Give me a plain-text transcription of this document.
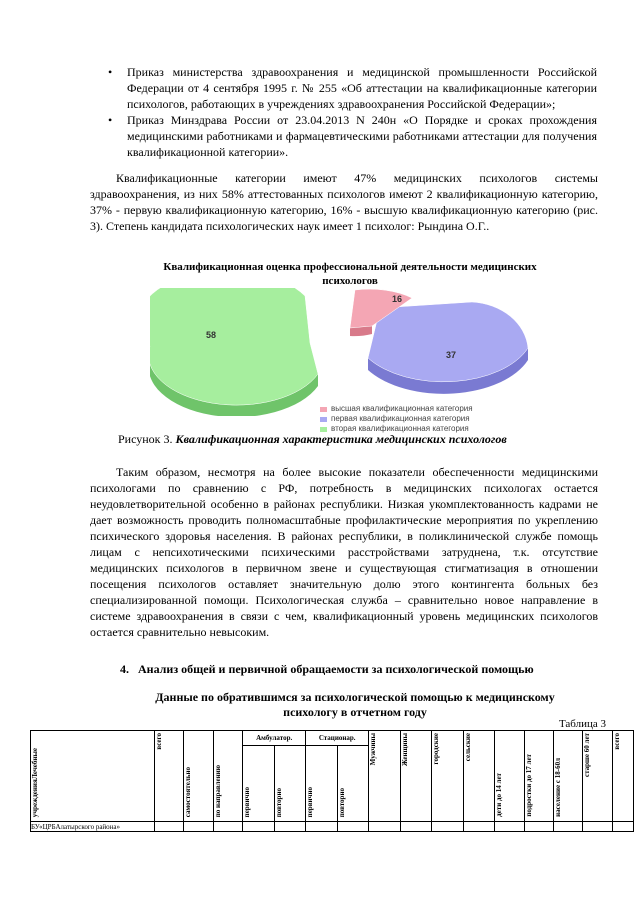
• Приказ министерства здравоохранения и медицинской промышленности Российской Федерации от 4 сентября 1995 г. № 255 «Об аттестации на квалификационные категории психологов, работающих в учреждениях здравоохранения Российской Федерации»;
• Приказ Минздрава России от 23.04.2013 N 240н «О Порядке и сроках прохождения медицинскими работниками и фармацевтическими работниками аттестации для получения квалификационной категории».

Квалификационные категории имеют 47% медицинских психологов системы здравоохранения, из них 58% аттестованных психологов имеют 2 квалификационную категорию, 37% - первую квалификационную категорию, 16% - высшую квалификационную категорию (рис. 3). Степень кандидата психологических наук имеет 1 психолог: Рындина О.Г..

Квалификационная оценка профессиональной деятельности медицинских психологов
16
37
58
высшая квалификационная категория
первая квалификационная категория
вторая квалификационная категория
Рисунок 3. Квалификационная характеристика медицинских психологов

Таким образом, несмотря на более высокие показатели обеспеченности медицинскими психологами по сравнению с РФ, потребность в медицинских психологах остается неудовлетворительной особенно в районах республики. Низкая укомплектованность кадрами не дает возможность проводить полномасштабные профилактические мероприятия по укреплению психического здоровья населения. В районах республики, в поликлинической службе помощь лицам с непсихотическими психическими расстройствами затруднена, т.к. отсутствие медицинских психологов в первичном звене и существующая стигматизация в отношении посещения психологов оставляет значительную долю этого контингента больных без специализированной помощи. Психологическая служба – сравнительно новое направление в системе здравоохранения в связи с чем, квалификационный уровень медицинских психологов остается сравнительно невысоким.

4.   Анализ общей и первичной обращаемости за психологической помощью
Данные по обратившимся за психологической помощью к медицинскому психологу в отчетном году
Таблица 3
учрежденияЛечебные	всего	самостоятельно	по направлению	Амбулатор.		Стационар.		Мужчины	Женщины	городские	сельские	дети до 14 лет	подростки до 17 лет	население с 18-60л	старше 60 лет	всего
				первично	повторно	первично	повторно									
БУ«ЦРБАлатырского района»																
